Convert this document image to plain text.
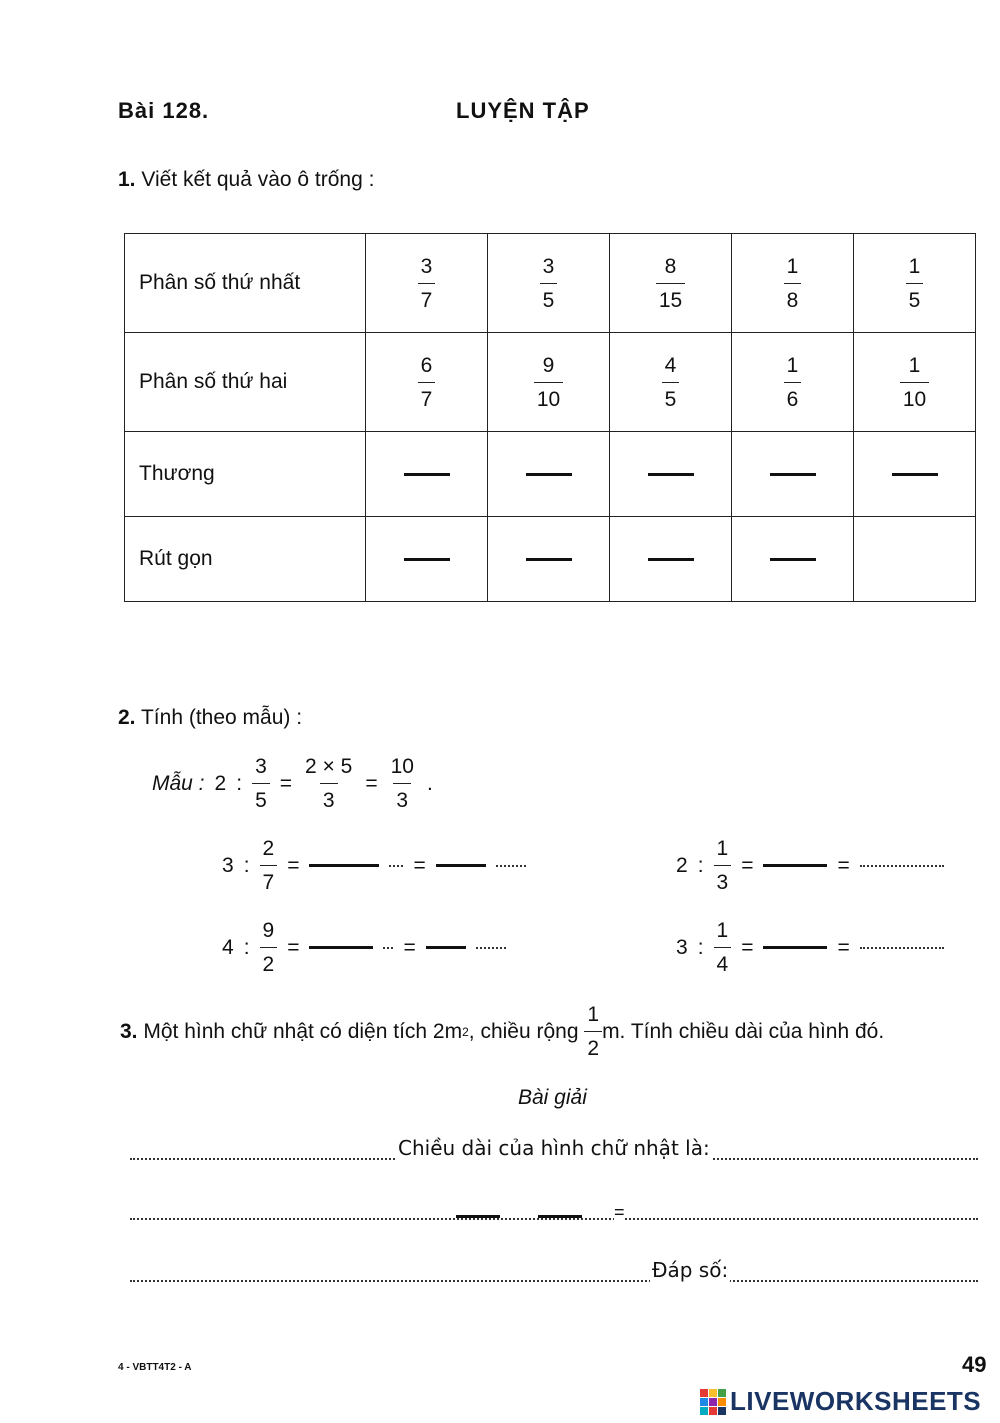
Bài 128.	LUYỆN TẬP
1. Viết kết quả vào ô trống :
Phân số thứ nhất	$\frac{3}{7}$	$\frac{3}{5}$	$\frac{8}{15}$	$\frac{1}{8}$	$\frac{1}{5}$

Phân số thứ hai	$\frac{6}{7}$	$\frac{9}{10}$	$\frac{4}{5}$	$\frac{1}{6}$	$\frac{1}{10}$

Thương					
Rút gọn					
2. Tính (theo mẫu) :
Mẫu : 2 : $\frac{3}{5} = \frac{2 \times 5}{3} = \frac{10}{3}$ .
3 : $\frac{2}{7}$ =	=	2 : $\frac{1}{3}$ =	=
4 : $\frac{9}{2}$ =	=	3 : $\frac{1}{4}$ =	=
3.
Một hình chữ nhật có diện tích 2m 2 , chiều rộng
$\frac{1}{2} m$. Tính chiều dài của hình đó.
Bài giải
Chiều dài của hình chữ nhật là:
=
Đáp số:
4 - VBTT4T2 - A	49
LIVEWORKSHEETS
